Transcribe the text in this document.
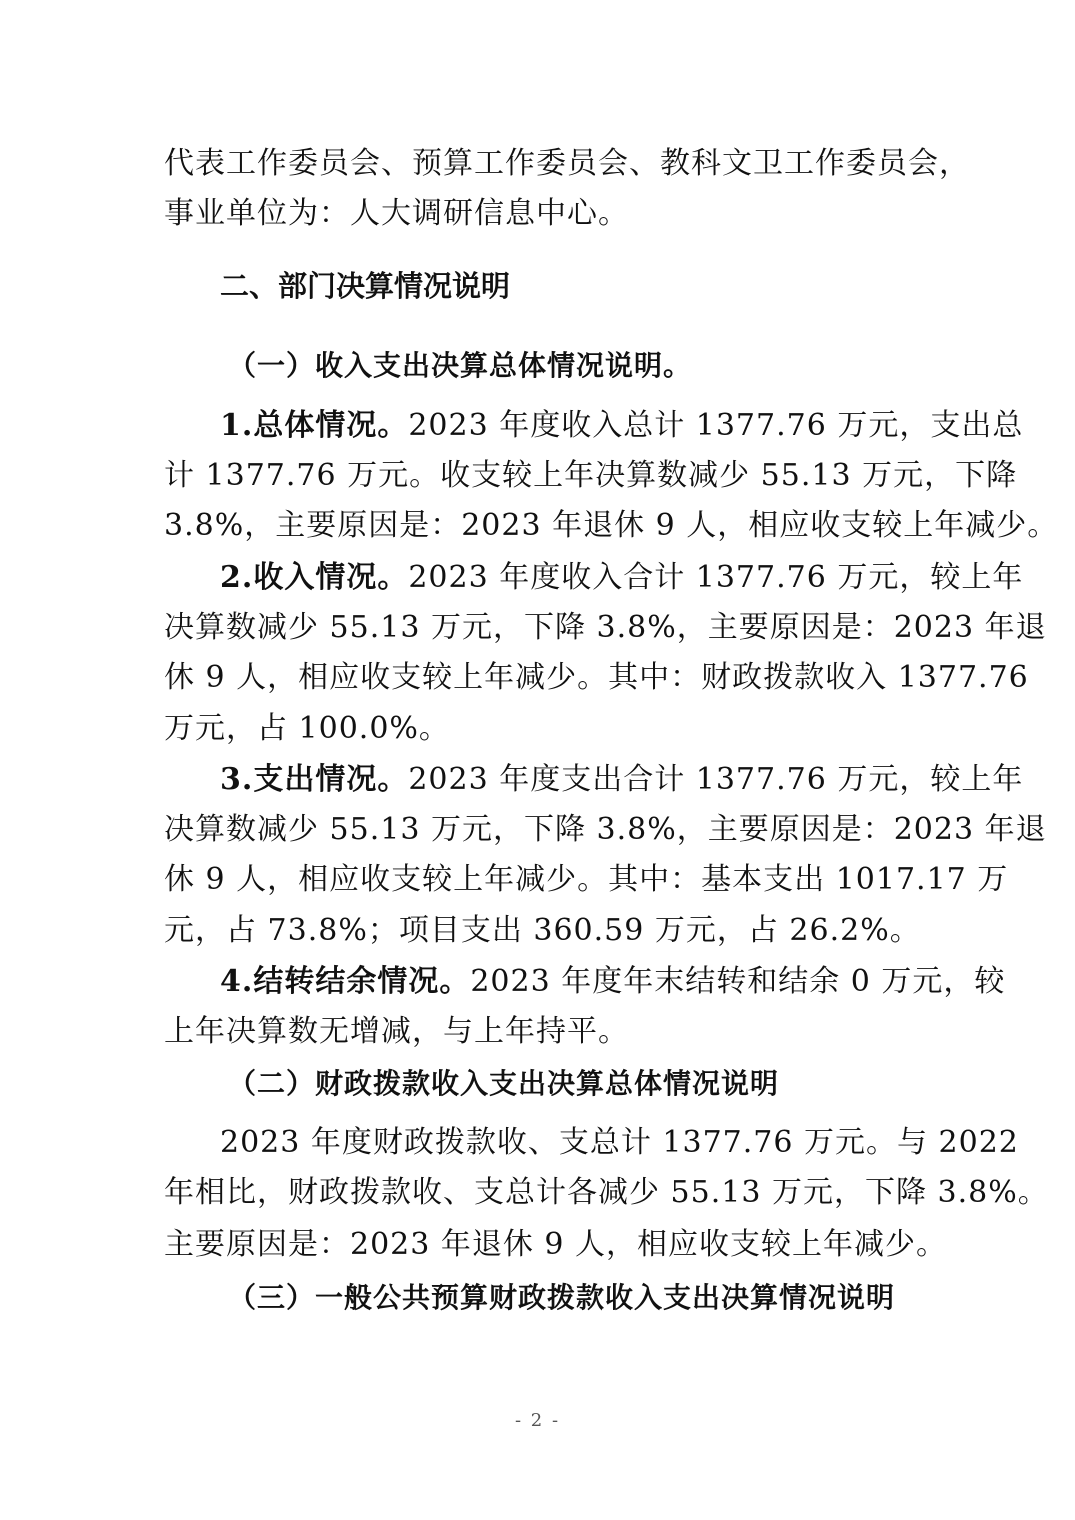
代表工作委员会、预算工作委员会、教科文卫工作委员会，
事业单位为：人大调研信息中心。
二、部门决算情况说明
（一）收入支出决算总体情况说明。
1.总体情况。2023 年度收入总计 1377.76 万元，支出总
计 1377.76 万元。收支较上年决算数减少 55.13 万元，下降
3.8%，主要原因是：2023 年退休 9 人，相应收支较上年减少。
2.收入情况。2023 年度收入合计 1377.76 万元，较上年
决算数减少 55.13 万元，下降 3.8%，主要原因是：2023 年退
休 9 人，相应收支较上年减少。其中：财政拨款收入 1377.76
万元，占 100.0%。
3.支出情况。2023 年度支出合计 1377.76 万元，较上年
决算数减少 55.13 万元，下降 3.8%，主要原因是：2023 年退
休 9 人，相应收支较上年减少。其中：基本支出 1017.17 万
元，占 73.8%；项目支出 360.59 万元，占 26.2%。
4.结转结余情况。2023 年度年末结转和结余 0 万元，较
上年决算数无增减，与上年持平。
（二）财政拨款收入支出决算总体情况说明
2023 年度财政拨款收、支总计 1377.76 万元。与 2022
年相比，财政拨款收、支总计各减少 55.13 万元，下降 3.8%。
主要原因是：2023 年退休 9 人，相应收支较上年减少。
（三）一般公共预算财政拨款收入支出决算情况说明
- 2 -
